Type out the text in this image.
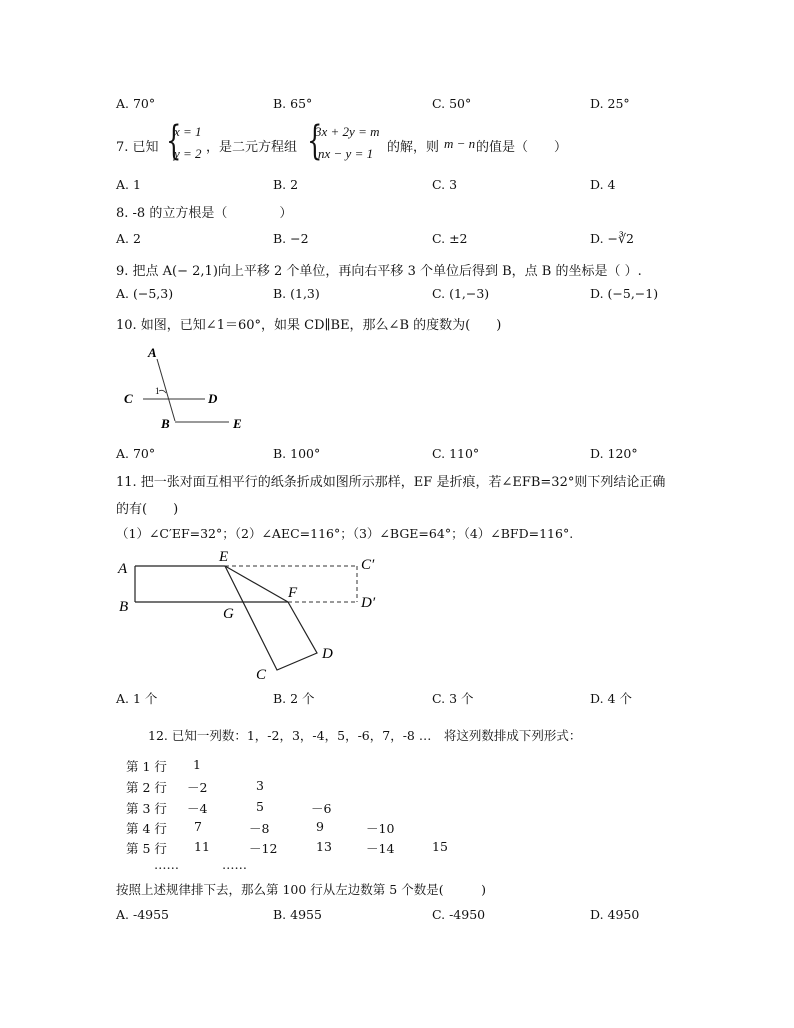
A. 70°	B. 65°	C. 50°	D. 25°
7. 已知 {
x = 1
y = 2 ，是二元方程组 {
3x + 2y = m
nx − y = 1 的解，则 m − n 的值是（　　）
A. 1	B. 2	C. 3	D. 4
8. -8 的立方根是（　　　　）
A. 2	B. −2	C. ±2	D. −∛2
9. 把点 A(− 2,1)向上平移 2 个单位，再向右平移 3 个单位后得到 B，点 B 的坐标是（ ）.
A. (−5,3)	B. (1,3)	C. (1,−3)	D. (−5,−1)
10. 如图，已知∠1＝60°，如果 CD∥BE，那么∠B 的度数为(　　)
A
1
C	D
B	E
A. 70°	B. 100°	C. 110°	D. 120°
11. 把一张对面互相平行的纸条折成如图所示那样，EF 是折痕，若∠EFB=32°则下列结论正确
的有(　　)
（1）∠C′EF=32°；（2）∠AEC=116°；（3）∠BGE=64°；（4）∠BFD=116°.
A
B
E
F
G
C
D
C′
D′
A. 1 个	B. 2 个	C. 3 个	D. 4 个
12. 已知一列数：1，-2，3，-4，5，-6，7，-8 …　将这列数排成下列形式：
第 1 行 1
第 2 行 －2	3
第 3 行 －4	5	－6
第 4 行 7	－8	9	－10
第 5 行 11	－12	13	－14	15
……	……
按照上述规律排下去，那么第 100 行从左边数第 5 个数是(　　　)
A. -4955	B. 4955	C. -4950	D. 4950
